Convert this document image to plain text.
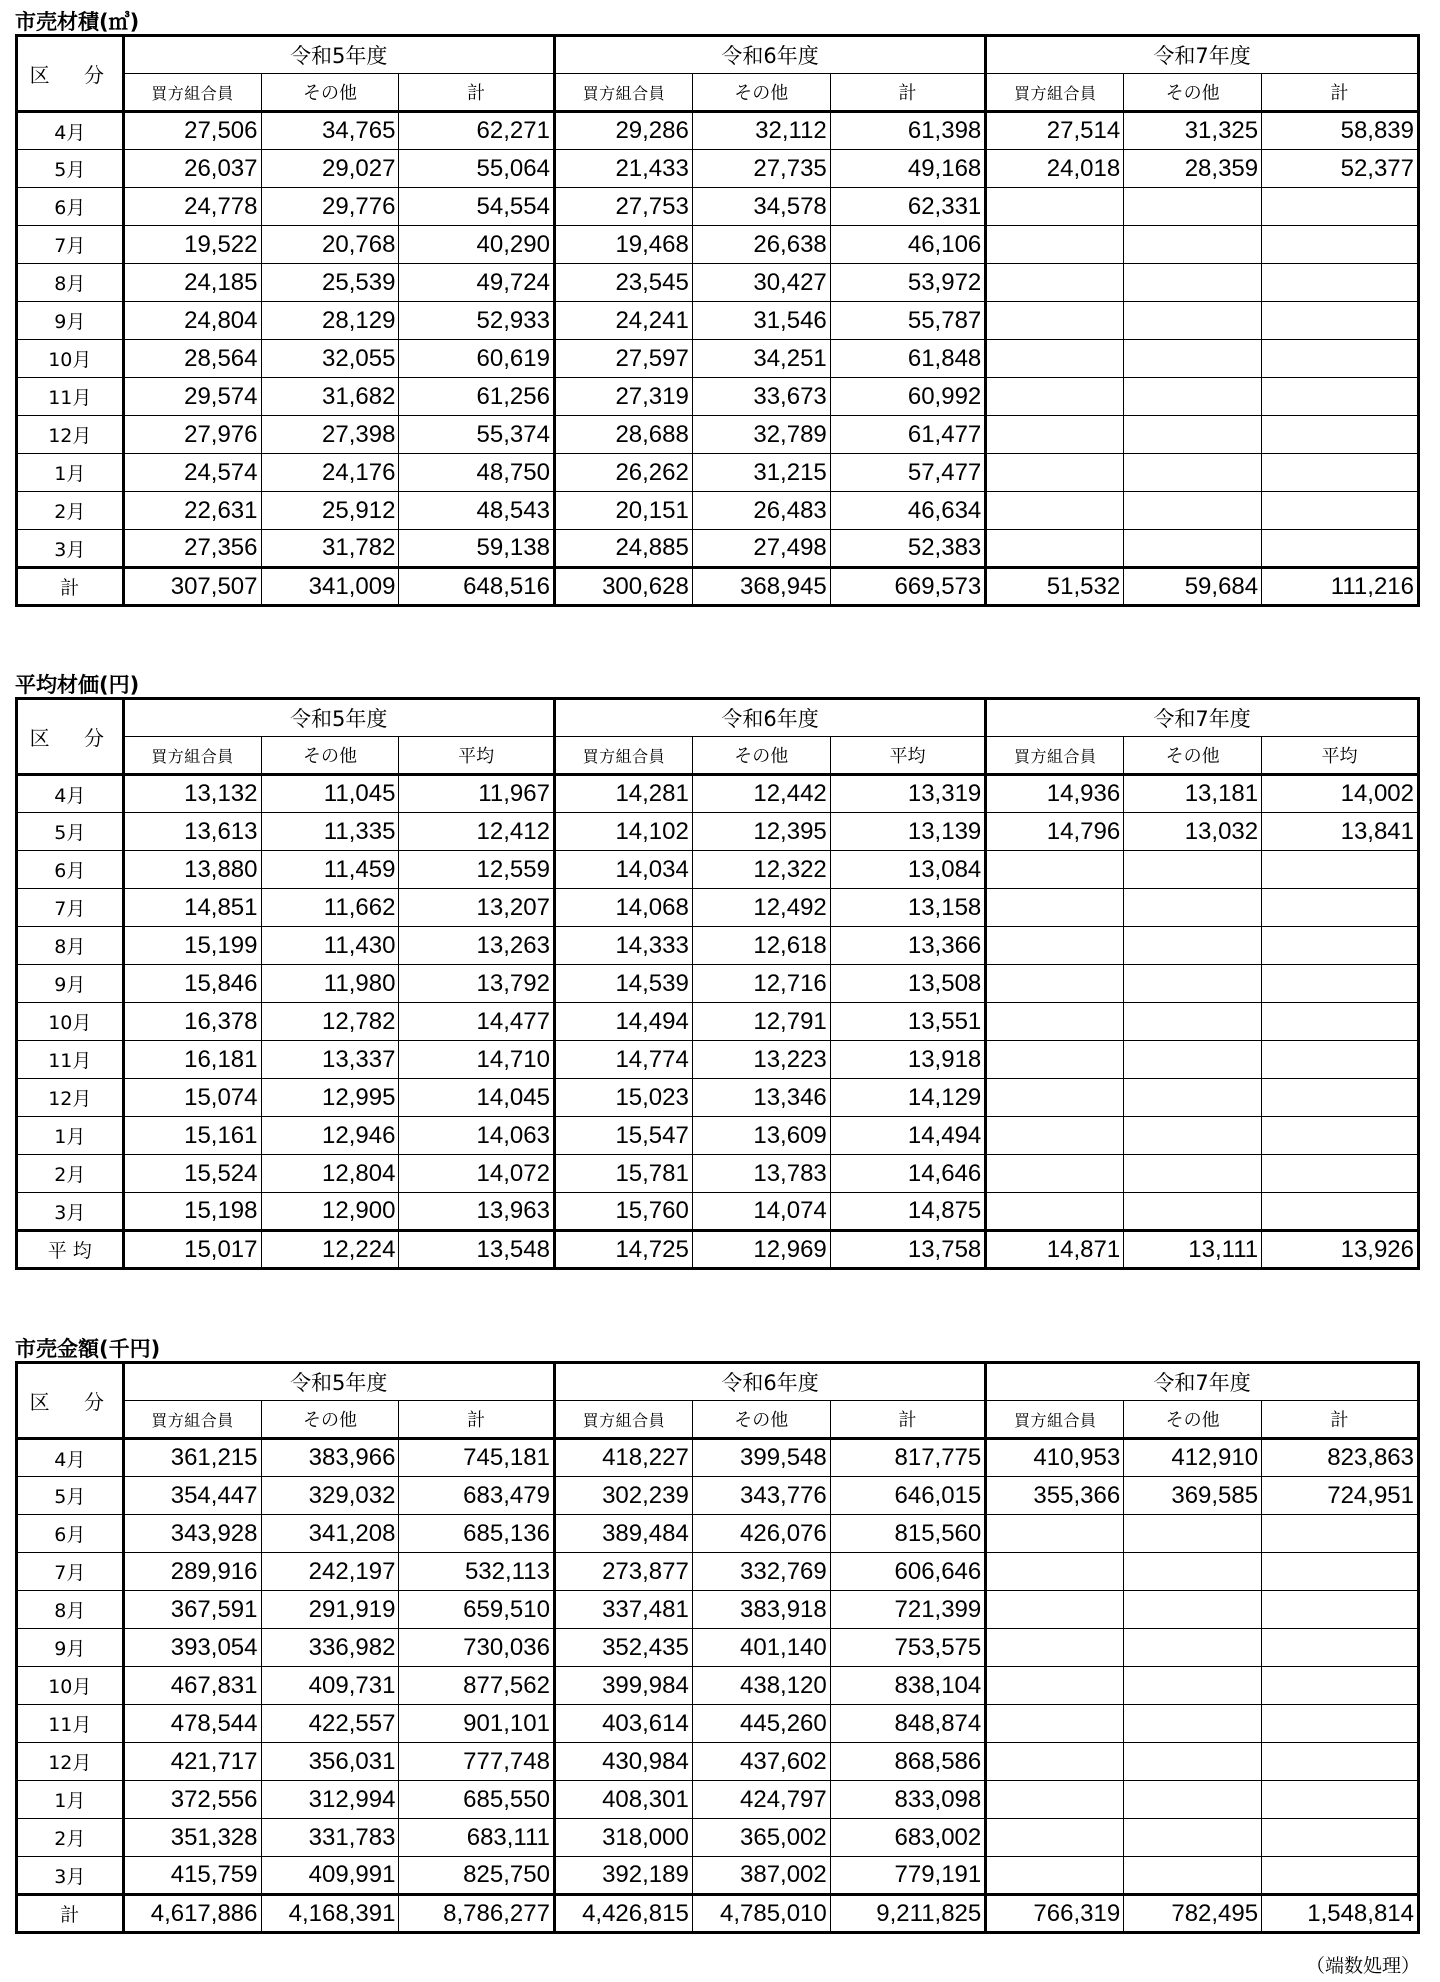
市売材積(㎥)
区 分	令和5年度			令和6年度			令和7年度		
	買方組合員	その他	計	買方組合員	その他	計	買方組合員	その他	計
4月	27,506	34,765	62,271	29,286	32,112	61,398	27,514	31,325	58,839
5月	26,037	29,027	55,064	21,433	27,735	49,168	24,018	28,359	52,377
6月	24,778	29,776	54,554	27,753	34,578	62,331			
7月	19,522	20,768	40,290	19,468	26,638	46,106			
8月	24,185	25,539	49,724	23,545	30,427	53,972			
9月	24,804	28,129	52,933	24,241	31,546	55,787			
10月	28,564	32,055	60,619	27,597	34,251	61,848			
11月	29,574	31,682	61,256	27,319	33,673	60,992			
12月	27,976	27,398	55,374	28,688	32,789	61,477			
1月	24,574	24,176	48,750	26,262	31,215	57,477			
2月	22,631	25,912	48,543	20,151	26,483	46,634			
3月	27,356	31,782	59,138	24,885	27,498	52,383			
計	307,507	341,009	648,516	300,628	368,945	669,573	51,532	59,684	111,216
平均材価(円)
区 分	令和5年度			令和6年度			令和7年度		
	買方組合員	その他	平均	買方組合員	その他	平均	買方組合員	その他	平均
4月	13,132	11,045	11,967	14,281	12,442	13,319	14,936	13,181	14,002
5月	13,613	11,335	12,412	14,102	12,395	13,139	14,796	13,032	13,841
6月	13,880	11,459	12,559	14,034	12,322	13,084			
7月	14,851	11,662	13,207	14,068	12,492	13,158			
8月	15,199	11,430	13,263	14,333	12,618	13,366			
9月	15,846	11,980	13,792	14,539	12,716	13,508			
10月	16,378	12,782	14,477	14,494	12,791	13,551			
11月	16,181	13,337	14,710	14,774	13,223	13,918			
12月	15,074	12,995	14,045	15,023	13,346	14,129			
1月	15,161	12,946	14,063	15,547	13,609	14,494			
2月	15,524	12,804	14,072	15,781	13,783	14,646			
3月	15,198	12,900	13,963	15,760	14,074	14,875			
平 均	15,017	12,224	13,548	14,725	12,969	13,758	14,871	13,111	13,926
市売金額(千円)
区 分	令和5年度			令和6年度			令和7年度		
	買方組合員	その他	計	買方組合員	その他	計	買方組合員	その他	計
4月	361,215	383,966	745,181	418,227	399,548	817,775	410,953	412,910	823,863
5月	354,447	329,032	683,479	302,239	343,776	646,015	355,366	369,585	724,951
6月	343,928	341,208	685,136	389,484	426,076	815,560			
7月	289,916	242,197	532,113	273,877	332,769	606,646			
8月	367,591	291,919	659,510	337,481	383,918	721,399			
9月	393,054	336,982	730,036	352,435	401,140	753,575			
10月	467,831	409,731	877,562	399,984	438,120	838,104			
11月	478,544	422,557	901,101	403,614	445,260	848,874			
12月	421,717	356,031	777,748	430,984	437,602	868,586			
1月	372,556	312,994	685,550	408,301	424,797	833,098			
2月	351,328	331,783	683,111	318,000	365,002	683,002			
3月	415,759	409,991	825,750	392,189	387,002	779,191			
計	4,617,886	4,168,391	8,786,277	4,426,815	4,785,010	9,211,825	766,319	782,495	1,548,814
（端数処理）
